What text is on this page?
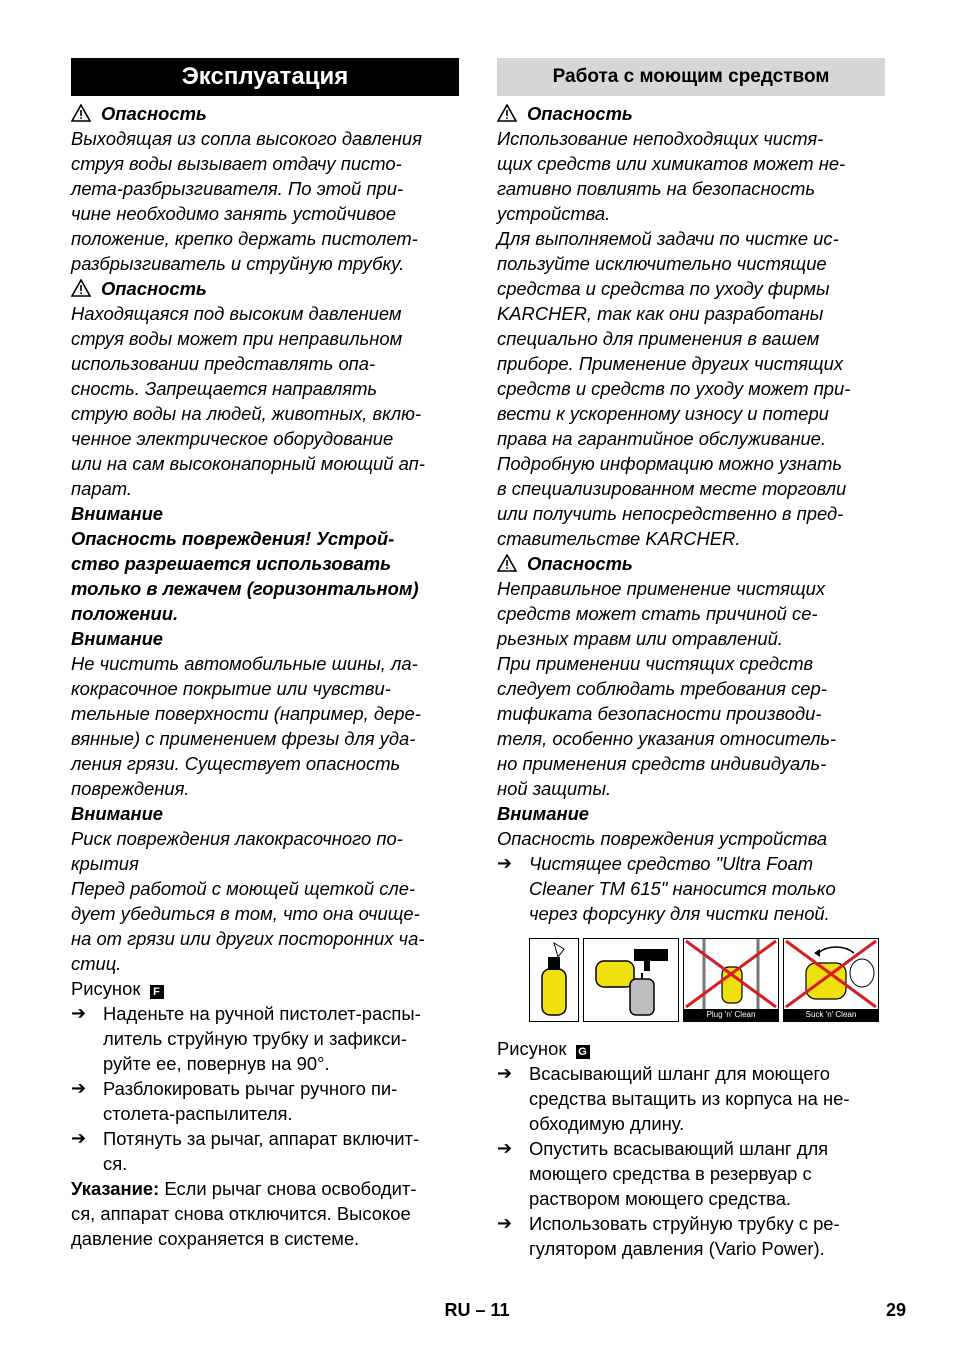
Эксплуатация
Опасность
Выходящая из сопла высокого давления
струя воды вызывает отдачу писто-
лета-разбрызгивателя. По этой при-
чине необходимо занять устойчивое
положение, крепко держать пистолет-
разбрызгиватель и струйную трубку.
Опасность
Находящаяся под высоким давлением
струя воды может при неправильном
использовании представлять опа-
сность. Запрещается направлять
струю воды на людей, животных, вклю-
ченное электрическое оборудование
или на сам высоконапорный моющий ап-
парат.
Внимание
Опасность повреждения! Устрой-
ство разрешается использовать
только в лежачем (горизонтальном)
положении.
Внимание
Не чистить автомобильные шины, ла-
кокрасочное покрытие или чувстви-
тельные поверхности (например, дере-
вянные) с применением фрезы для уда-
ления грязи. Существует опасность
повреждения.
Внимание
Риск повреждения лакокрасочного по-
крытия
Перед работой с моющей щеткой сле-
дует убедиться в том, что она очище-
на от грязи или других посторонних ча-
стиц.
Рисунок F
➔ Наденьте на ручной пистолет-распы-
литель струйную трубку и зафикси-
руйте ее, повернув на 90°.
➔ Разблокировать рычаг ручного пи-
столета-распылителя.
➔ Потянуть за рычаг, аппарат включит-
ся.
Указание: Если рычаг снова освободит-
ся, аппарат снова отключится. Высокое
давление сохраняется в системе.
Работа с моющим средством
Опасность
Использование неподходящих чистя-
щих средств или химикатов может не-
гативно повлиять на безопасность
устройства.
Для выполняемой задачи по чистке ис-
пользуйте исключительно чистящие
средства и средства по уходу фирмы
KARCHER, так как они разработаны
специально для применения в вашем
приборе. Применение других чистящих
средств и средств по уходу может при-
вести к ускоренному износу и потери
права на гарантийное обслуживание.
Подробную информацию можно узнать
в специализированном месте торговли
или получить непосредственно в пред-
ставительстве KARCHER.
Опасность
Неправильное применение чистящих
средств может стать причиной се-
рьезных травм или отравлений.
При применении чистящих средств
следует соблюдать требования сер-
тификата безопасности производи-
теля, особенно указания относитель-
но применения средств индивидуаль-
ной защиты.
Внимание
Опасность повреждения устройства
➔ Чистящее средство "Ultra Foam
Cleaner TM 615" наносится только
через форсунку для чистки пеной.
Plug 'n' Clean	Suck 'n' Clean
Рисунок G
➔ Всасывающий шланг для моющего
средства вытащить из корпуса на не-
обходимую длину.
➔ Опустить всасывающий шланг для
моющего средства в резервуар с
раствором моющего средства.
➔ Использовать струйную трубку с ре-
гулятором давления (Vario Power).
RU – 11	29
